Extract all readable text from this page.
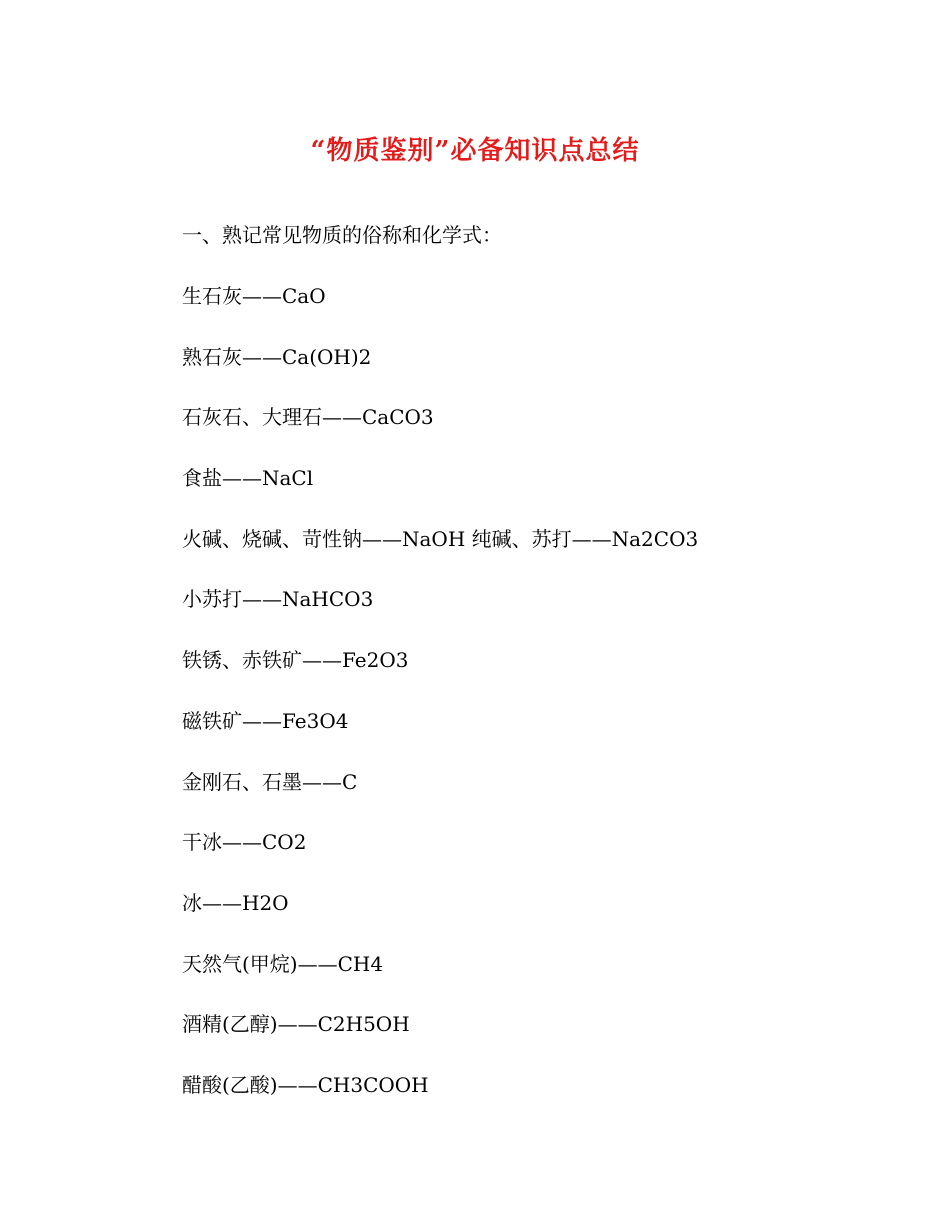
“物质鉴别”必备知识点总结
一、熟记常见物质的俗称和化学式：
生石灰——CaO
熟石灰——Ca(OH)2
石灰石、大理石——CaCO3
食盐——NaCl
火碱、烧碱、苛性钠——NaOH 纯碱、苏打——Na2CO3
小苏打——NaHCO3
铁锈、赤铁矿——Fe2O3
磁铁矿——Fe3O4
金刚石、石墨——C
干冰——CO2
冰——H2O
天然气(甲烷)——CH4
酒精(乙醇)——C2H5OH
醋酸(乙酸)——CH3COOH
